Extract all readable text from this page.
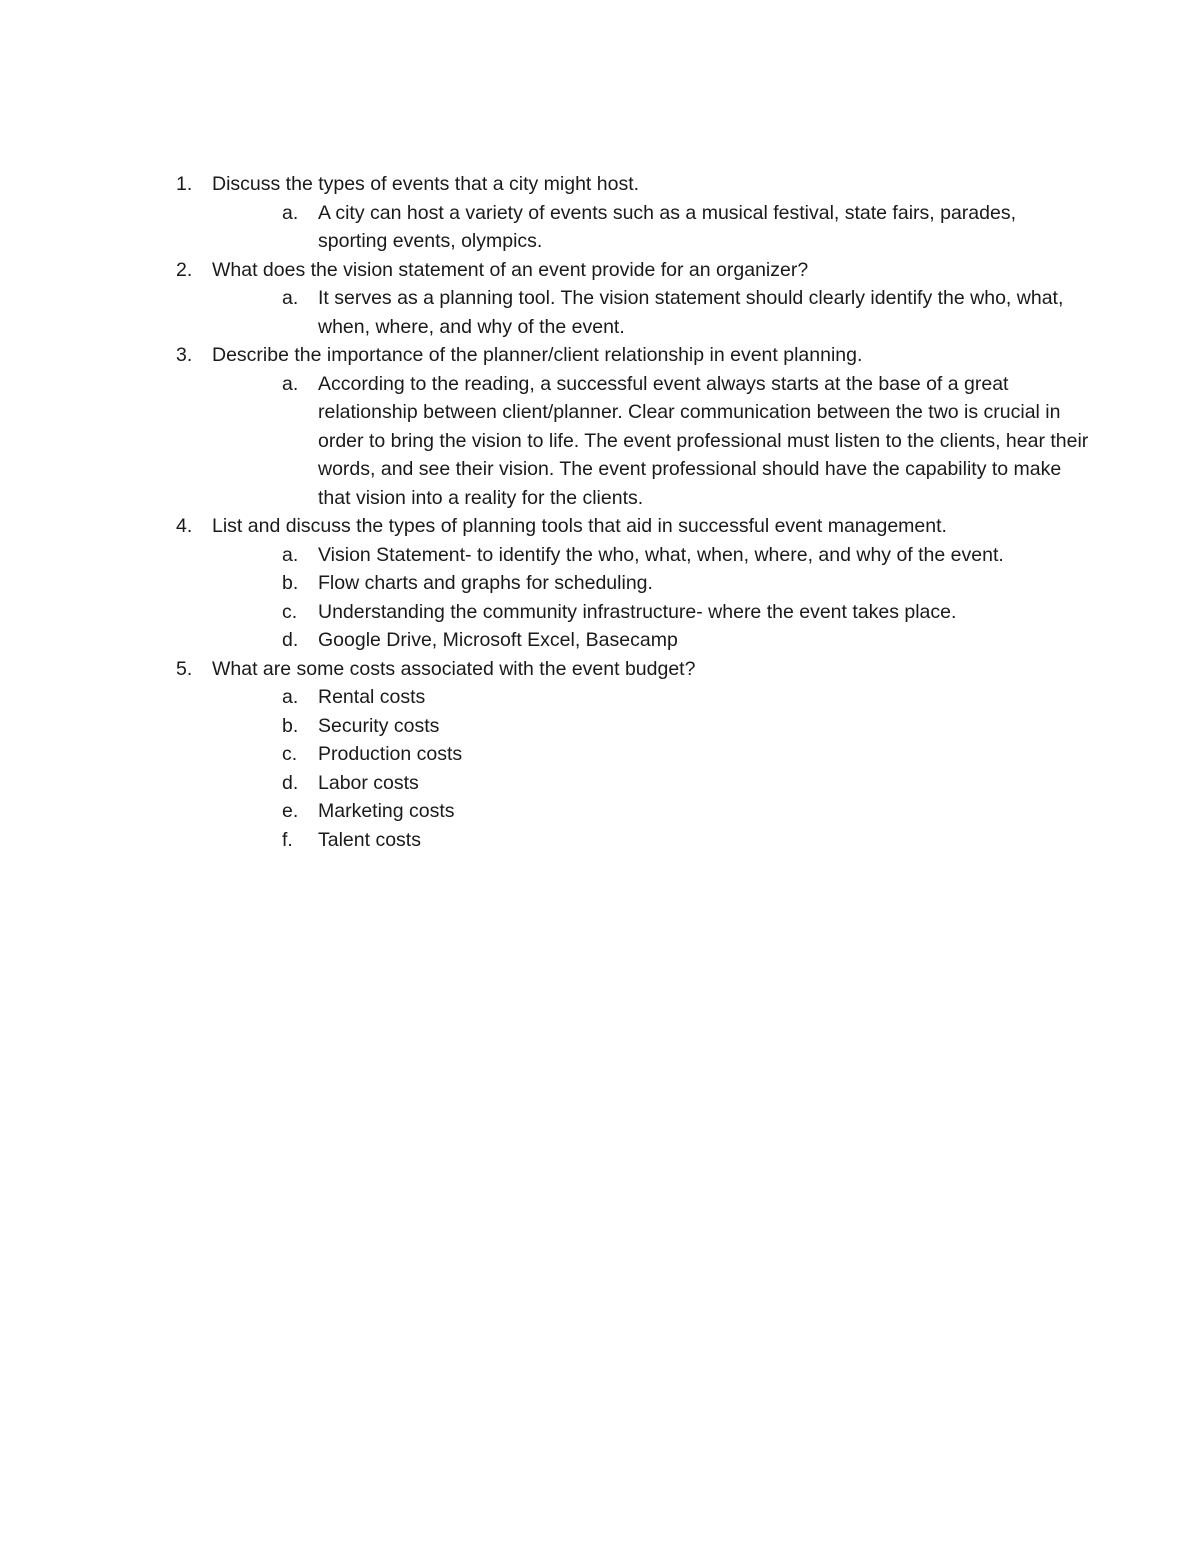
1.	Discuss the types of events that a city might host.
a.	A city can host a variety of events such as a musical festival, state fairs, parades, sporting events, olympics.
2.	What does the vision statement of an event provide for an organizer?
a.	It serves as a planning tool. The vision statement should clearly identify the who, what, when, where, and why of the event.
3.	Describe the importance of the planner/client relationship in event planning.
a.	According to the reading, a successful event always starts at the base of a great relationship between client/planner. Clear communication between the two is crucial in order to bring the vision to life. The event professional must listen to the clients, hear their words, and see their vision. The event professional should have the capability to make that vision into a reality for the clients.
4.	List and discuss the types of planning tools that aid in successful event management.
a.	Vision Statement- to identify the who, what, when, where, and why of the event.
b.	Flow charts and graphs for scheduling.
c.	Understanding the community infrastructure- where the event takes place.
d.	Google Drive, Microsoft Excel, Basecamp
5.	What are some costs associated with the event budget?
a.	Rental costs
b.	Security costs
c.	Production costs
d.	Labor costs
e.	Marketing costs
f.	Talent costs
